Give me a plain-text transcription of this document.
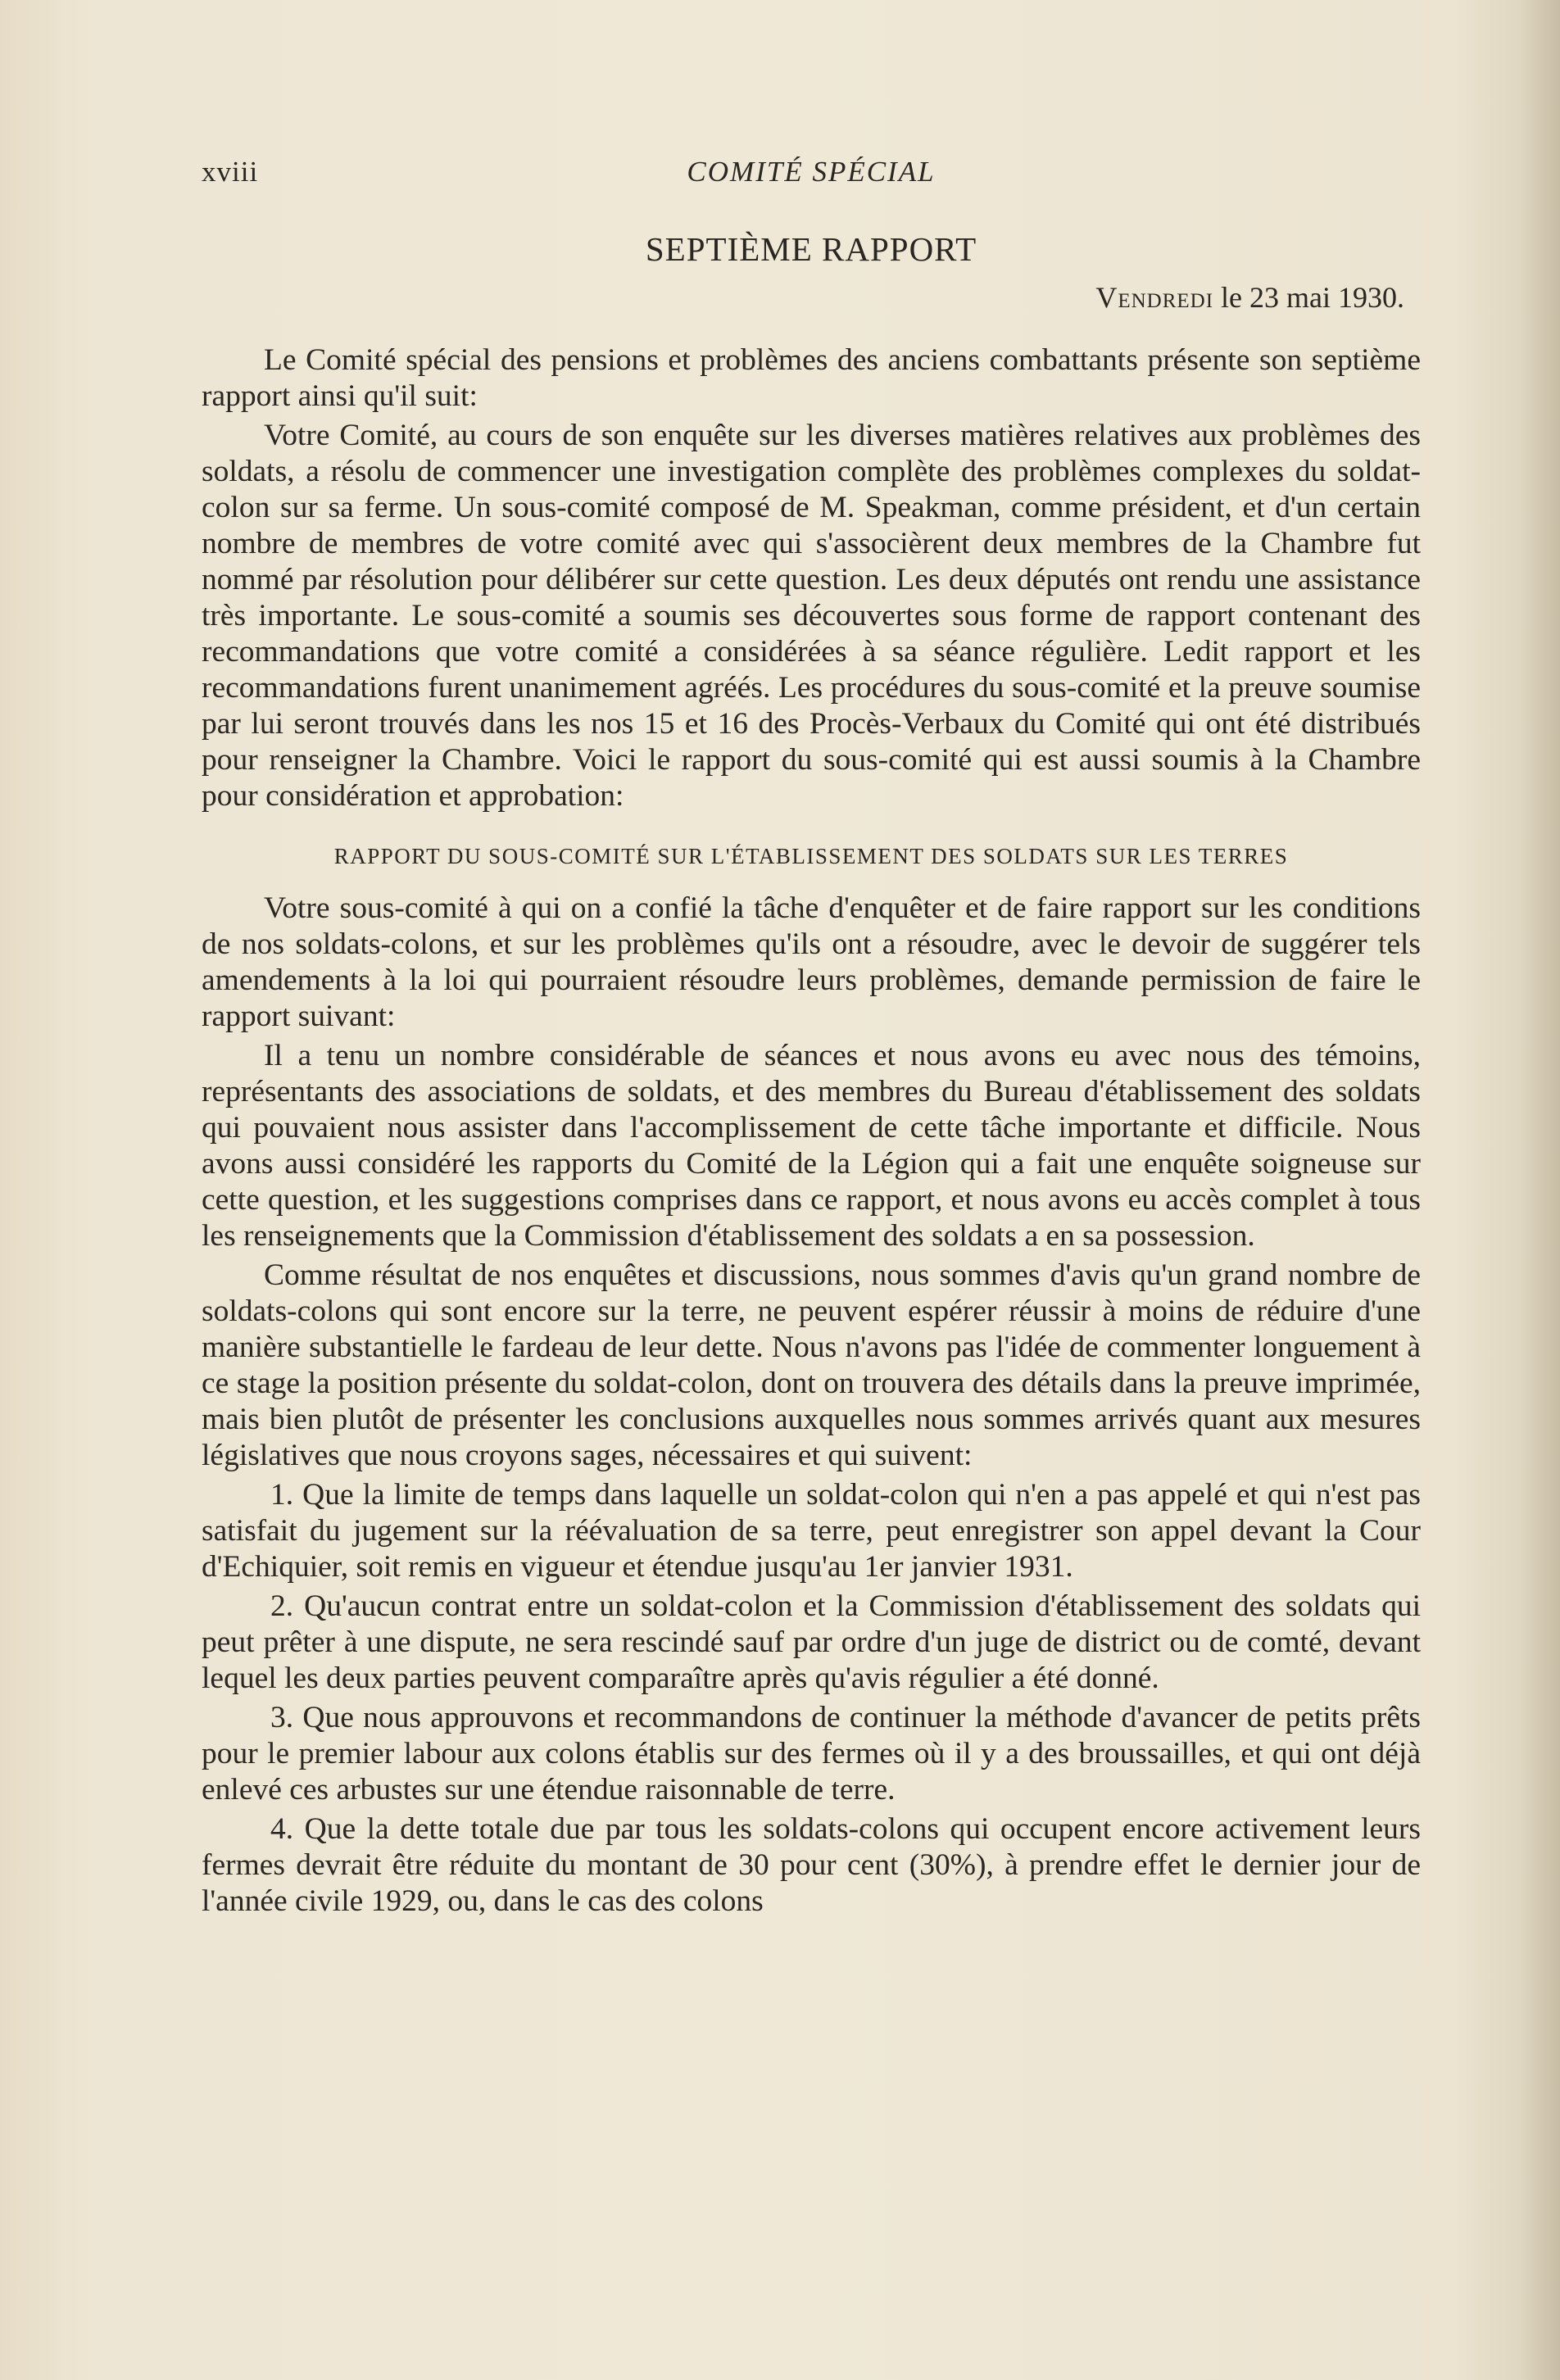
xviii	COMITÉ SPÉCIAL
SEPTIÈME RAPPORT
Vendredi le 23 mai 1930.

Le Comité spécial des pensions et problèmes des anciens combattants présente son septième rapport ainsi qu'il suit:

Votre Comité, au cours de son enquête sur les diverses matières relatives aux problèmes des soldats, a résolu de commencer une investigation complète des problèmes complexes du soldat-colon sur sa ferme. Un sous-comité composé de M. Speakman, comme président, et d'un certain nombre de membres de votre comité avec qui s'associèrent deux membres de la Chambre fut nommé par résolution pour délibérer sur cette question. Les deux députés ont rendu une assistance très importante. Le sous-comité a soumis ses découvertes sous forme de rapport contenant des recommandations que votre comité a considérées à sa séance régulière. Ledit rapport et les recommandations furent unanimement agréés. Les procédures du sous-comité et la preuve soumise par lui seront trouvés dans les nos 15 et 16 des Procès-Verbaux du Comité qui ont été distribués pour renseigner la Chambre. Voici le rapport du sous-comité qui est aussi soumis à la Chambre pour considération et approbation:

RAPPORT DU SOUS-COMITÉ SUR L'ÉTABLISSEMENT DES SOLDATS SUR LES TERRES

Votre sous-comité à qui on a confié la tâche d'enquêter et de faire rapport sur les conditions de nos soldats-colons, et sur les problèmes qu'ils ont a résoudre, avec le devoir de suggérer tels amendements à la loi qui pourraient résoudre leurs problèmes, demande permission de faire le rapport suivant:

Il a tenu un nombre considérable de séances et nous avons eu avec nous des témoins, représentants des associations de soldats, et des membres du Bureau d'établissement des soldats qui pouvaient nous assister dans l'accomplissement de cette tâche importante et difficile. Nous avons aussi considéré les rapports du Comité de la Légion qui a fait une enquête soigneuse sur cette question, et les suggestions comprises dans ce rapport, et nous avons eu accès complet à tous les renseignements que la Commission d'établissement des soldats a en sa possession.

Comme résultat de nos enquêtes et discussions, nous sommes d'avis qu'un grand nombre de soldats-colons qui sont encore sur la terre, ne peuvent espérer réussir à moins de réduire d'une manière substantielle le fardeau de leur dette. Nous n'avons pas l'idée de commenter longuement à ce stage la position présente du soldat-colon, dont on trouvera des détails dans la preuve imprimée, mais bien plutôt de présenter les conclusions auxquelles nous sommes arrivés quant aux mesures législatives que nous croyons sages, nécessaires et qui suivent:

1. Que la limite de temps dans laquelle un soldat-colon qui n'en a pas appelé et qui n'est pas satisfait du jugement sur la réévaluation de sa terre, peut enregistrer son appel devant la Cour d'Echiquier, soit remis en vigueur et étendue jusqu'au 1er janvier 1931.

2. Qu'aucun contrat entre un soldat-colon et la Commission d'établissement des soldats qui peut prêter à une dispute, ne sera rescindé sauf par ordre d'un juge de district ou de comté, devant lequel les deux parties peuvent comparaître après qu'avis régulier a été donné.

3. Que nous approuvons et recommandons de continuer la méthode d'avancer de petits prêts pour le premier labour aux colons établis sur des fermes où il y a des broussailles, et qui ont déjà enlevé ces arbustes sur une étendue raisonnable de terre.

4. Que la dette totale due par tous les soldats-colons qui occupent encore activement leurs fermes devrait être réduite du montant de 30 pour cent (30%), à prendre effet le dernier jour de l'année civile 1929, ou, dans le cas des colons
